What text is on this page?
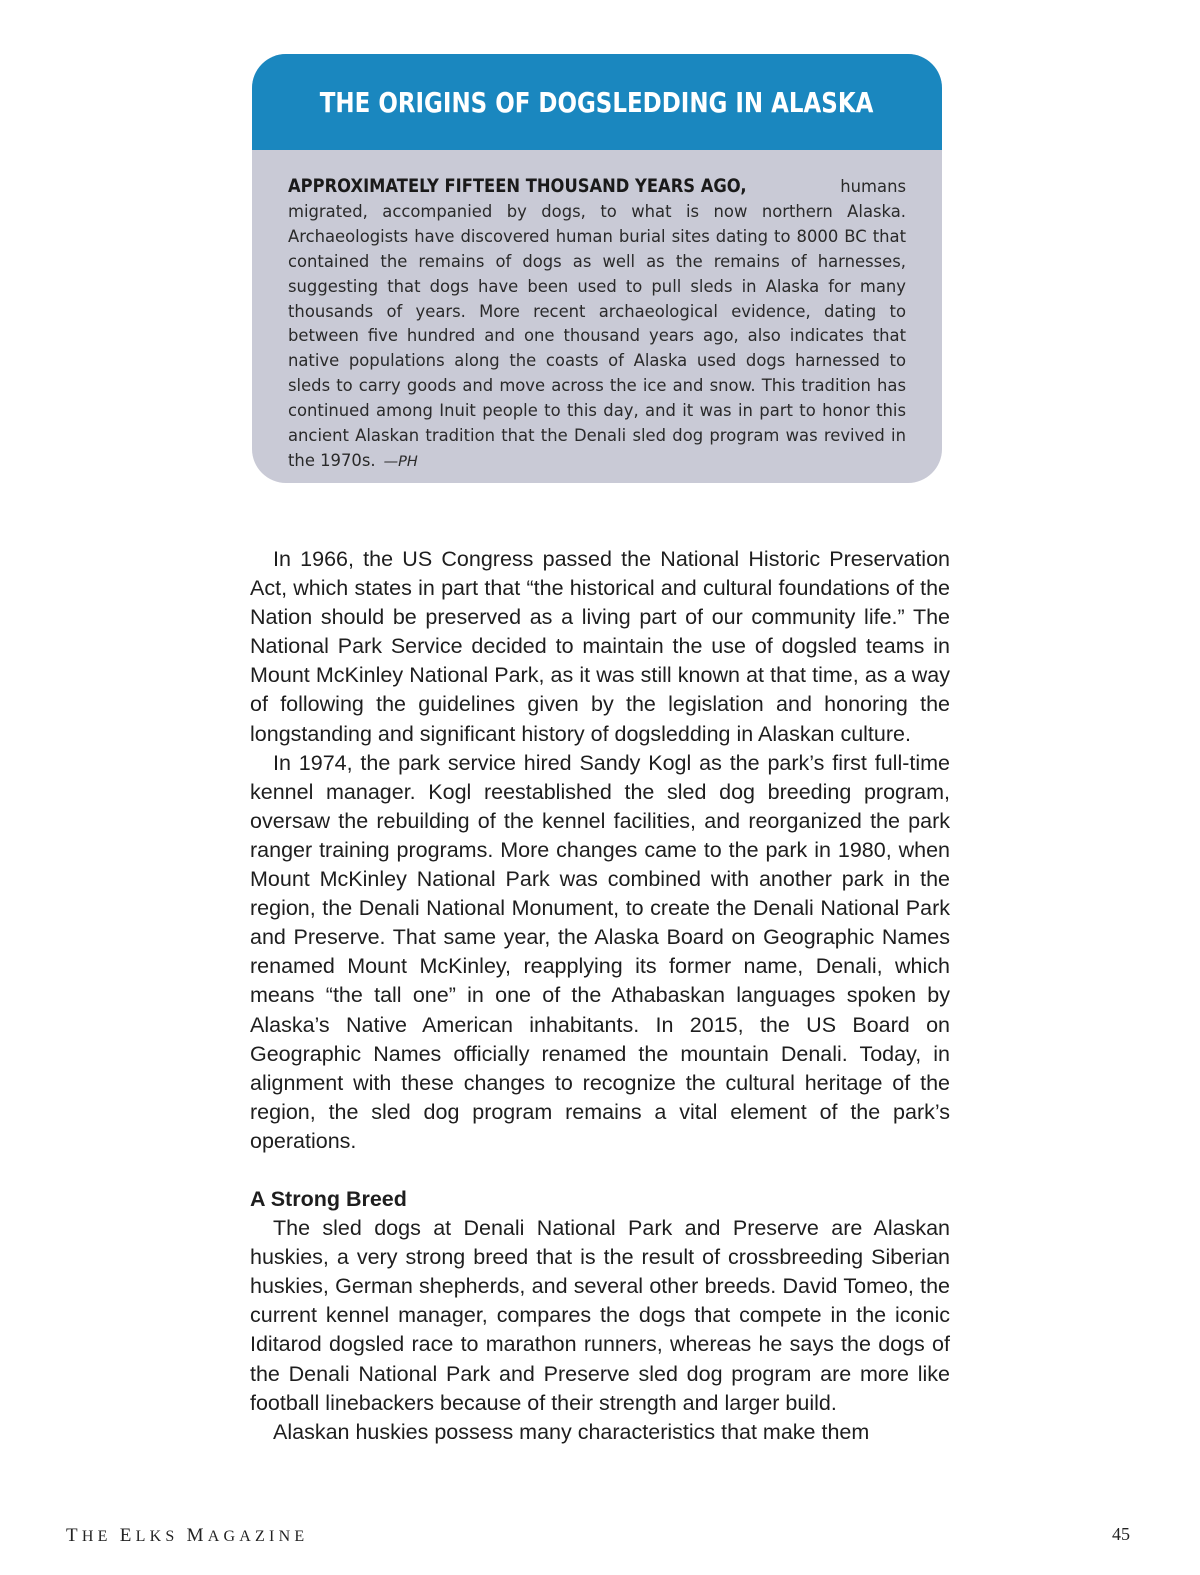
THE ORIGINS OF DOGSLEDDING IN ALASKA
APPROXIMATELY FIFTEEN THOUSAND YEARS AGO,	humans migrated, accompanied by dogs, to what is now northern Alaska. Archaeologists have discovered human burial sites dating to 8000 BC that contained the remains of dogs as well as the remains of harnesses, suggesting that dogs have been used to pull sleds in Alaska for many thousands of years. More recent archaeological evidence, dating to between five hundred and one thousand years ago, also indicates that native populations along the coasts of Alaska used dogs harnessed to sleds to carry goods and move across the ice and snow. This tradition has continued among Inuit people to this day, and it was in part to honor this ancient Alaskan tradition that the Denali sled dog program was revived in the 1970s. —PH

In 1966, the US Congress passed the National Historic Preservation Act, which states in part that “the historical and cultural foundations of the Nation should be preserved as a living part of our community life.” The National Park Service decided to maintain the use of dogsled teams in Mount McKinley National Park, as it was still known at that time, as a way of following the guidelines given by the legislation and honoring the longstanding and significant history of dogsledding in Alaskan culture.

In 1974, the park service hired Sandy Kogl as the park’s first full-time kennel manager. Kogl reestablished the sled dog breeding program, oversaw the rebuilding of the kennel facilities, and reorganized the park ranger training programs. More changes came to the park in 1980, when Mount McKinley National Park was combined with another park in the region, the Denali National Monument, to create the Denali National Park and Preserve. That same year, the Alaska Board on Geographic Names renamed Mount McKinley, reapplying its former name, Denali, which means “the tall one” in one of the Athabaskan languages spoken by Alaska’s Native American inhabitants. In 2015, the US Board on Geographic Names officially renamed the mountain Denali. Today, in alignment with these changes to recognize the cultural heritage of the region, the sled dog program remains a vital element of the park’s operations.

A Strong Breed

The sled dogs at Denali National Park and Preserve are Alaskan huskies, a very strong breed that is the result of crossbreeding Siberian huskies, German shepherds, and several other breeds. David Tomeo, the current kennel manager, compares the dogs that compete in the iconic Iditarod dogsled race to marathon runners, whereas he says the dogs of the Denali National Park and Preserve sled dog program are more like football linebackers because of their strength and larger build.

Alaskan huskies possess many characteristics that make them

THE ELKS MAGAZINE	45
